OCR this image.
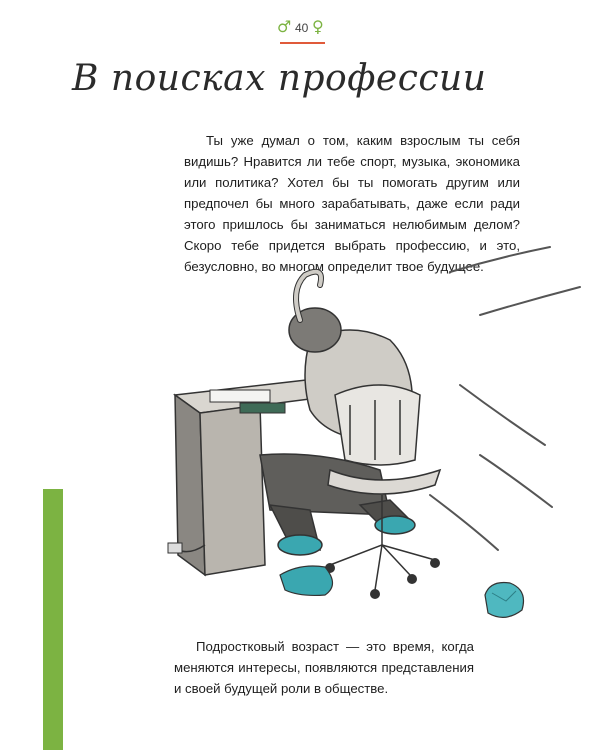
♂ 40 ♀
В поисках профессии

Ты уже думал о том, каким взрослым ты себя видишь? Нравится ли тебе спорт, музыка, экономика или политика? Хотел бы ты помогать другим или предпочел бы много зарабатывать, даже если ради этого пришлось бы заниматься нелюбимым делом? Скоро тебе придется выбрать профессию, и это, безусловно, во многом определит твое будущее.

Подростковый возраст — это время, когда меняются интересы, появляются представления и своей будущей роли в обществе.
